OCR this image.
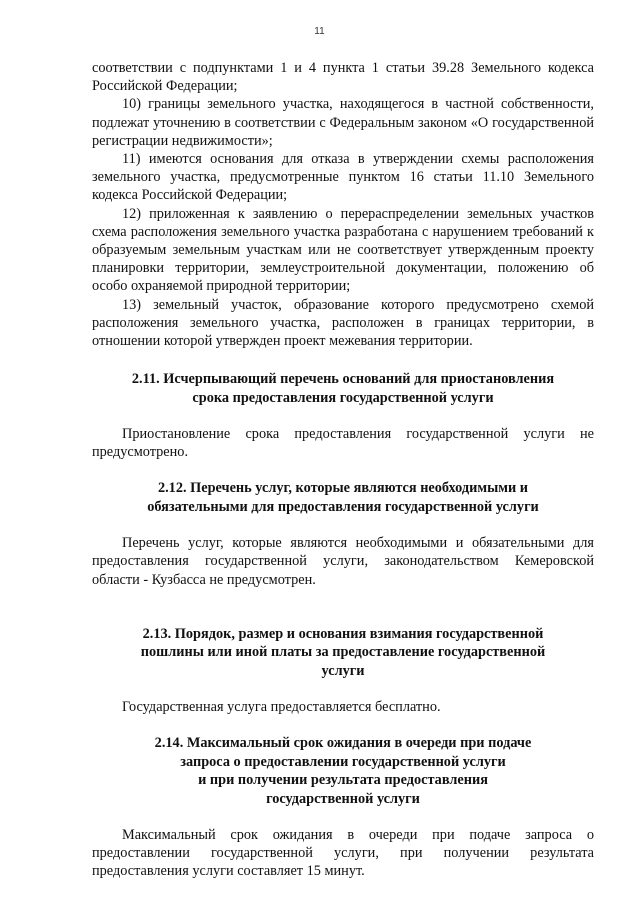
11

соответствии с подпунктами 1 и 4 пункта 1 статьи 39.28 Земельного кодекса Российской Федерации;

10) границы земельного участка, находящегося в частной собственности, подлежат уточнению в соответствии с Федеральным законом «О государственной регистрации недвижимости»;

11) имеются основания для отказа в утверждении схемы расположения земельного участка, предусмотренные пунктом 16 статьи 11.10 Земельного кодекса Российской Федерации;

12) приложенная к заявлению о перераспределении земельных участков схема расположения земельного участка разработана с нарушением требований к образуемым земельным участкам или не соответствует утвержденным проекту планировки территории, землеустроительной документации, положению об особо охраняемой природной территории;

13) земельный участок, образование которого предусмотрено схемой расположения земельного участка, расположен в границах территории, в отношении которой утвержден проект межевания территории.

2.11. Исчерпывающий перечень оснований для приостановления
срока предоставления государственной услуги

Приостановление срока предоставления государственной услуги не предусмотрено.

2.12. Перечень услуг, которые являются необходимыми и
обязательными для предоставления государственной услуги

Перечень услуг, которые являются необходимыми и обязательными для предоставления государственной услуги, законодательством Кемеровской области - Кузбасса не предусмотрен.

2.13. Порядок, размер и основания взимания государственной
пошлины или иной платы за предоставление государственной
услуги

Государственная услуга предоставляется бесплатно.

2.14. Максимальный срок ожидания в очереди при подаче
запроса о предоставлении государственной услуги
и при получении результата предоставления
государственной услуги

Максимальный срок ожидания в очереди при подаче запроса о предоставлении государственной услуги, при получении результата предоставления услуги составляет 15 минут.
